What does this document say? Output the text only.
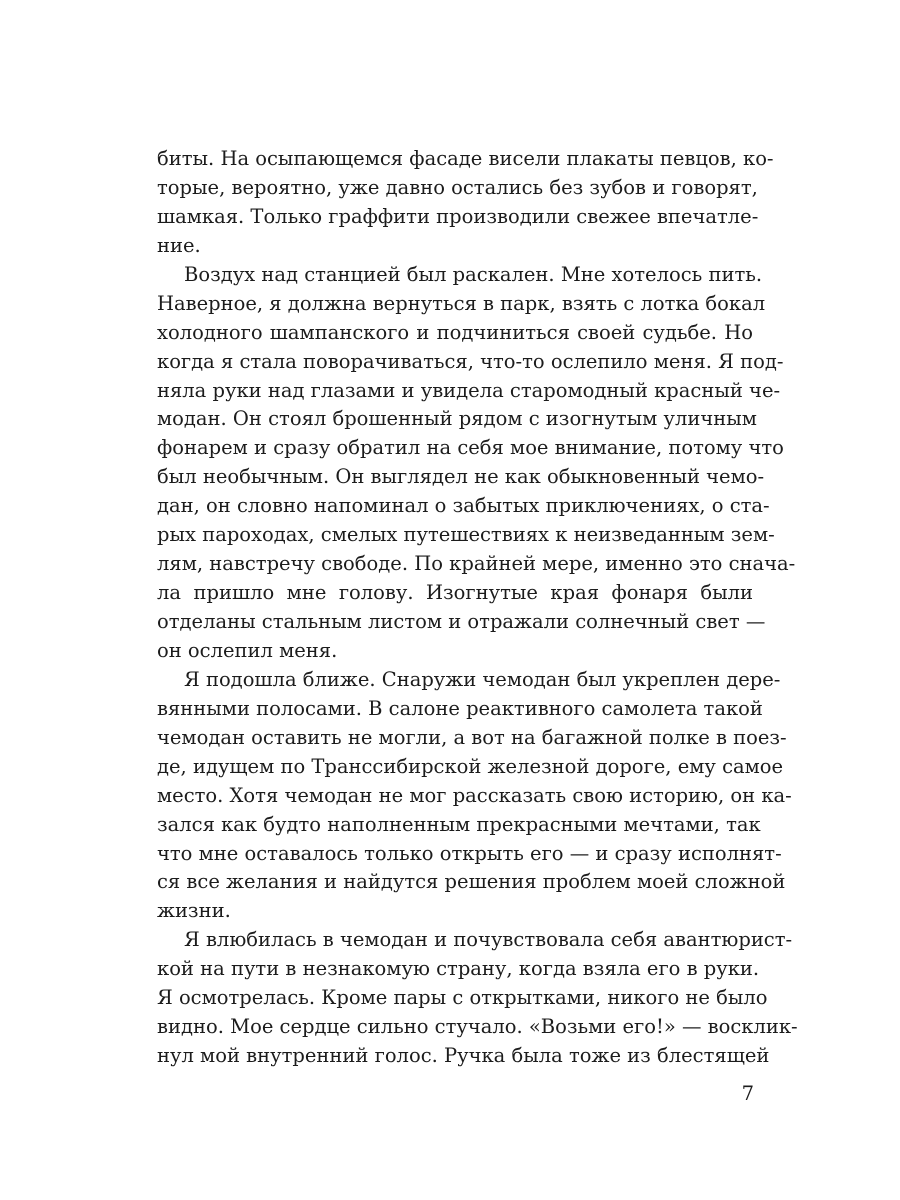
биты. На осыпающемся фасаде висели плакаты певцов, ко-
торые, вероятно, уже давно остались без зубов и говорят,
шамкая. Только граффити производили свежее впечатле-
ние.
Воздух над станцией был раскален. Мне хотелось пить.
Наверное, я должна вернуться в парк, взять с лотка бокал
холодного шампанского и подчиниться своей судьбе. Но
когда я стала поворачиваться, что-то ослепило меня. Я под-
няла руки над глазами и увидела старомодный красный че-
модан. Он стоял брошенный рядом с изогнутым уличным
фонарем и сразу обратил на себя мое внимание, потому что
был необычным. Он выглядел не как обыкновенный чемо-
дан, он словно напоминал о забытых приключениях, о ста-
рых пароходах, смелых путешествиях к неизведанным зем-
лям, навстречу свободе. По крайней мере, именно это снача-
ла пришло мне голову. Изогнутые края фонаря были
отделаны стальным листом и отражали солнечный свет —
он ослепил меня.
Я подошла ближе. Снаружи чемодан был укреплен дере-
вянными полосами. В салоне реактивного самолета такой
чемодан оставить не могли, а вот на багажной полке в поез-
де, идущем по Транссибирской железной дороге, ему самое
место. Хотя чемодан не мог рассказать свою историю, он ка-
зался как будто наполненным прекрасными мечтами, так
что мне оставалось только открыть его — и сразу исполнят-
ся все желания и найдутся решения проблем моей сложной
жизни.
Я влюбилась в чемодан и почувствовала себя авантюрист-
кой на пути в незнакомую страну, когда взяла его в руки.
Я осмотрелась. Кроме пары с открытками, никого не было
видно. Мое сердце сильно стучало. «Возьми его!» — восклик-
нул мой внутренний голос. Ручка была тоже из блестящей
7
